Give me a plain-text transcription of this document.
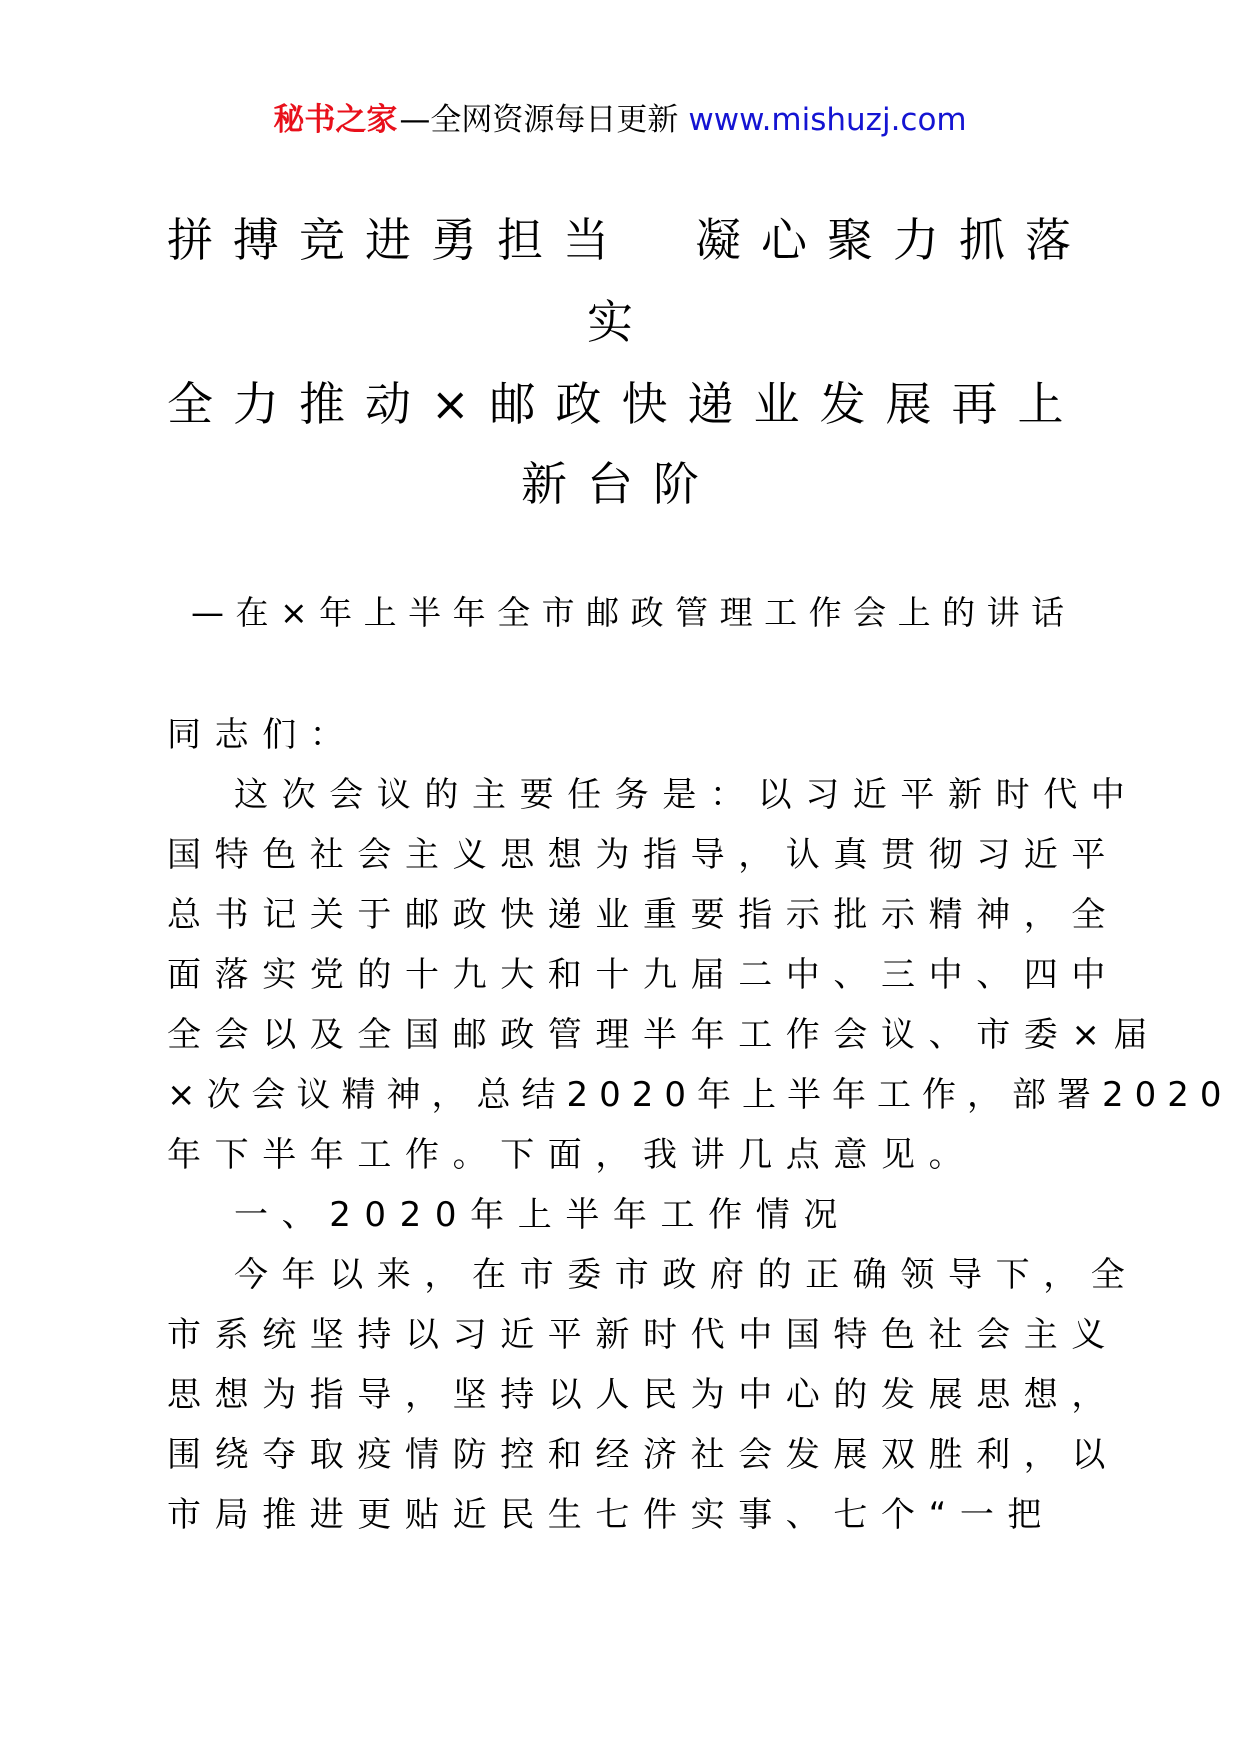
秘书之家—全网资源每日更新 www.mishuzj.com
拼搏竞进勇担当　凝心聚力抓落
实
全力推动×邮政快递业发展再上
新台阶
—在×年上半年全市邮政管理工作会上的讲话
同志们：
这次会议的主要任务是：以习近平新时代中
国特色社会主义思想为指导，认真贯彻习近平
总书记关于邮政快递业重要指示批示精神，全
面落实党的十九大和十九届二中、三中、四中
全会以及全国邮政管理半年工作会议、市委×届
×次会议精神，总结2020年上半年工作，部署2020
年下半年工作。下面，我讲几点意见。
一、2020年上半年工作情况
今年以来，在市委市政府的正确领导下，全
市系统坚持以习近平新时代中国特色社会主义
思想为指导，坚持以人民为中心的发展思想，
围绕夺取疫情防控和经济社会发展双胜利，以
市局推进更贴近民生七件实事、七个“一把
